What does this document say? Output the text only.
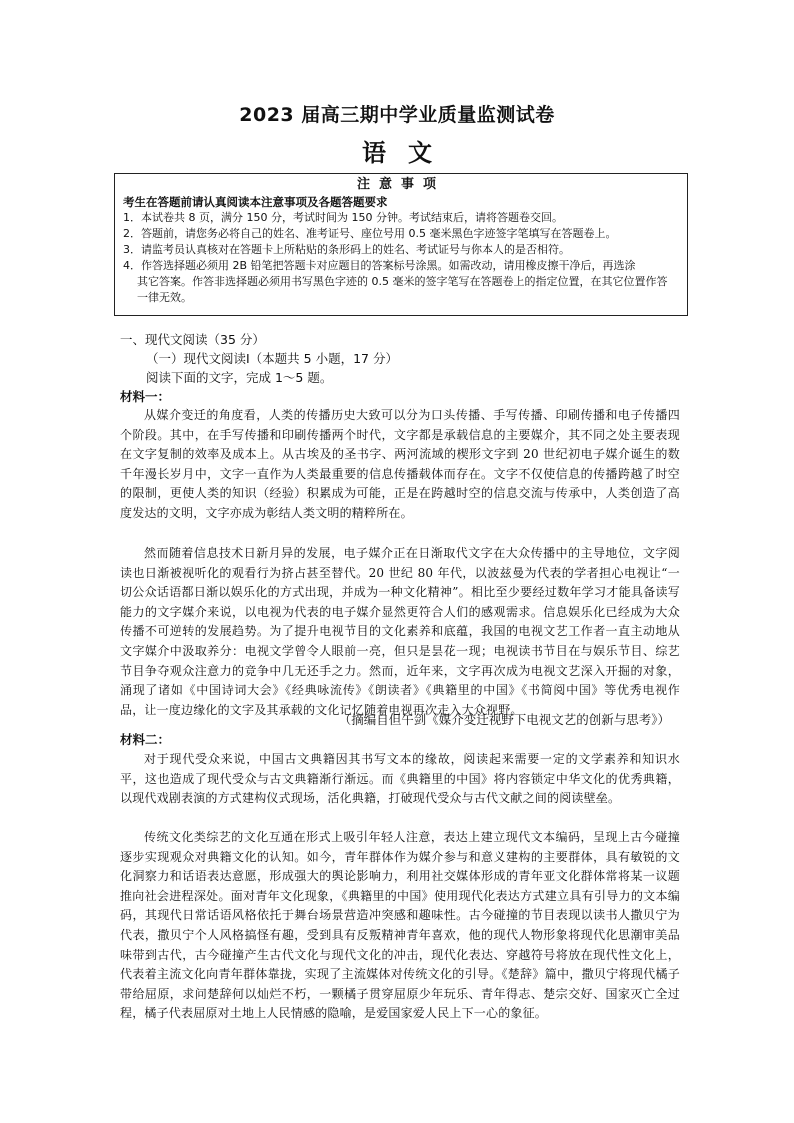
2023 届高三期中学业质量监测试卷
语文
注意事项
考生在答题前请认真阅读本注意事项及各题答题要求
1．本试卷共 8 页，满分 150 分，考试时间为 150 分钟。考试结束后，请将答题卷交回。
2．答题前，请您务必将自己的姓名、准考证号、座位号用 0.5 毫米黑色字迹签字笔填写在答题卷上。
3．请监考员认真核对在答题卡上所粘贴的条形码上的姓名、考试证号与你本人的是否相符。
4．作答选择题必须用 2B 铅笔把答题卡对应题目的答案标号涂黑。如需改动，请用橡皮擦干净后，再选涂
其它答案。作答非选择题必须用书写黑色字迹的 0.5 毫米的签字笔写在答题卷上的指定位置，在其它位置作答一律无效。
一、现代文阅读（35 分）
（一）现代文阅读Ⅰ（本题共 5 小题，17 分）
阅读下面的文字，完成 1～5 题。
材料一：
从媒介变迁的角度看，人类的传播历史大致可以分为口头传播、手写传播、印刷传播和电子传播四个阶段。其中，在手写传播和印刷传播两个时代，文字都是承载信息的主要媒介，其不同之处主要表现在文字复制的效率及成本上。从古埃及的圣书字、两河流域的楔形文字到 20 世纪初电子媒介诞生的数千年漫长岁月中，文字一直作为人类最重要的信息传播载体而存在。文字不仅使信息的传播跨越了时空的限制，更使人类的知识（经验）积累成为可能，正是在跨越时空的信息交流与传承中，人类创造了高度发达的文明，文字亦成为彰结人类文明的精粹所在。
然而随着信息技术日新月异的发展，电子媒介正在日渐取代文字在大众传播中的主导地位，文字阅读也日渐被视听化的观看行为挤占甚至替代。20 世纪 80 年代，以波兹曼为代表的学者担心电视让“一切公众话语都日渐以娱乐化的方式出现，并成为一种文化精神”。相比至少要经过数年学习才能具备读写能力的文字媒介来说，以电视为代表的电子媒介显然更符合人们的感观需求。信息娱乐化已经成为大众传播不可逆转的发展趋势。为了提升电视节目的文化素养和底蕴，我国的电视文艺工作者一直主动地从文字媒介中汲取养分：电视文学曾令人眼前一亮，但只是昙花一现；电视读书节目在与娱乐节目、综艺节目争夺观众注意力的竞争中几无还手之力。然而，近年来，文字再次成为电视文艺深入开掘的对象，涌现了诸如《中国诗词大会》《经典咏流传》《朗读者》《典籍里的中国》《书简阅中国》等优秀电视作品，让一度边缘化的文字及其承载的文化记忆随着电视再次走入大众视野。
（摘编自但午剑《媒介变迁视野下电视文艺的创新与思考》）
材料二：
对于现代受众来说，中国古文典籍因其书写文本的缘故，阅读起来需要一定的文学素养和知识水平，这也造成了现代受众与古文典籍渐行渐远。而《典籍里的中国》将内容锁定中华文化的优秀典籍，以现代戏剧表演的方式建构仪式现场，活化典籍，打破现代受众与古代文献之间的阅读壁垒。
传统文化类综艺的文化互通在形式上吸引年轻人注意，表达上建立现代文本编码，呈现上古今碰撞逐步实现观众对典籍文化的认知。如今，青年群体作为媒介参与和意义建构的主要群体，具有敏锐的文化洞察力和话语表达意愿，形成强大的舆论影响力，利用社交媒体形成的青年亚文化群体常将某一议题推向社会进程深处。面对青年文化现象，《典籍里的中国》使用现代化表达方式建立具有引导力的文本编码，其现代日常话语风格依托于舞台场景营造冲突感和趣味性。古今碰撞的节目表现以读书人撒贝宁为代表，撒贝宁个人风格搞怪有趣，受到具有反叛精神青年喜欢，他的现代人物形象将现代化思潮审美品味带到古代，古今碰撞产生古代文化与现代文化的冲击，现代化表达、穿越符号将放在现代性文化上，代表着主流文化向青年群体靠拢，实现了主流媒体对传统文化的引导。《楚辞》篇中，撒贝宁将现代橘子带给屈原，求问楚辞何以灿烂不朽，一颗橘子贯穿屈原少年玩乐、青年得志、楚宗交好、国家灭亡全过程，橘子代表屈原对土地上人民情感的隐喻，是爱国家爱人民上下一心的象征。
